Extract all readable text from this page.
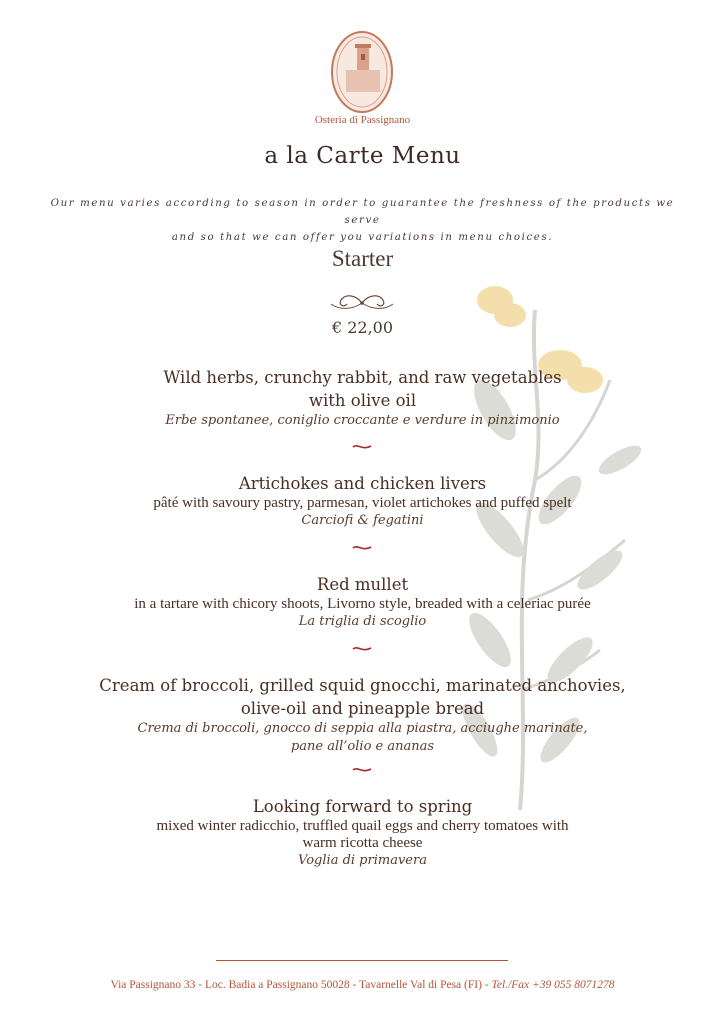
Osteria di Passignano
a la Carte Menu
Our menu varies according to season in order to guarantee the freshness of the products we serve
and so that we can offer you variations in menu choices.
Starter
€ 22,00
Wild herbs, crunchy rabbit, and raw vegetables
with olive oil
Erbe spontanee, coniglio croccante e verdure in pinzimonio
Artichokes and chicken livers
pâté with savoury pastry, parmesan, violet artichokes and puffed spelt
Carciofi & fegatini
Red mullet
in a tartare with chicory shoots, Livorno style, breaded with a celeriac purée
La triglia di scoglio
Cream of broccoli, grilled squid gnocchi, marinated anchovies,
olive-oil and pineapple bread
Crema di broccoli, gnocco di seppia alla piastra, acciughe marinate,
pane all’olio e ananas
Looking forward to spring
mixed winter radicchio, truffled quail eggs and cherry tomatoes with
warm ricotta cheese
Voglia di primavera
Via Passignano 33 - Loc. Badia a Passignano 50028 - Tavarnelle Val di Pesa (FI) - Tel./Fax +39 055 8071278
